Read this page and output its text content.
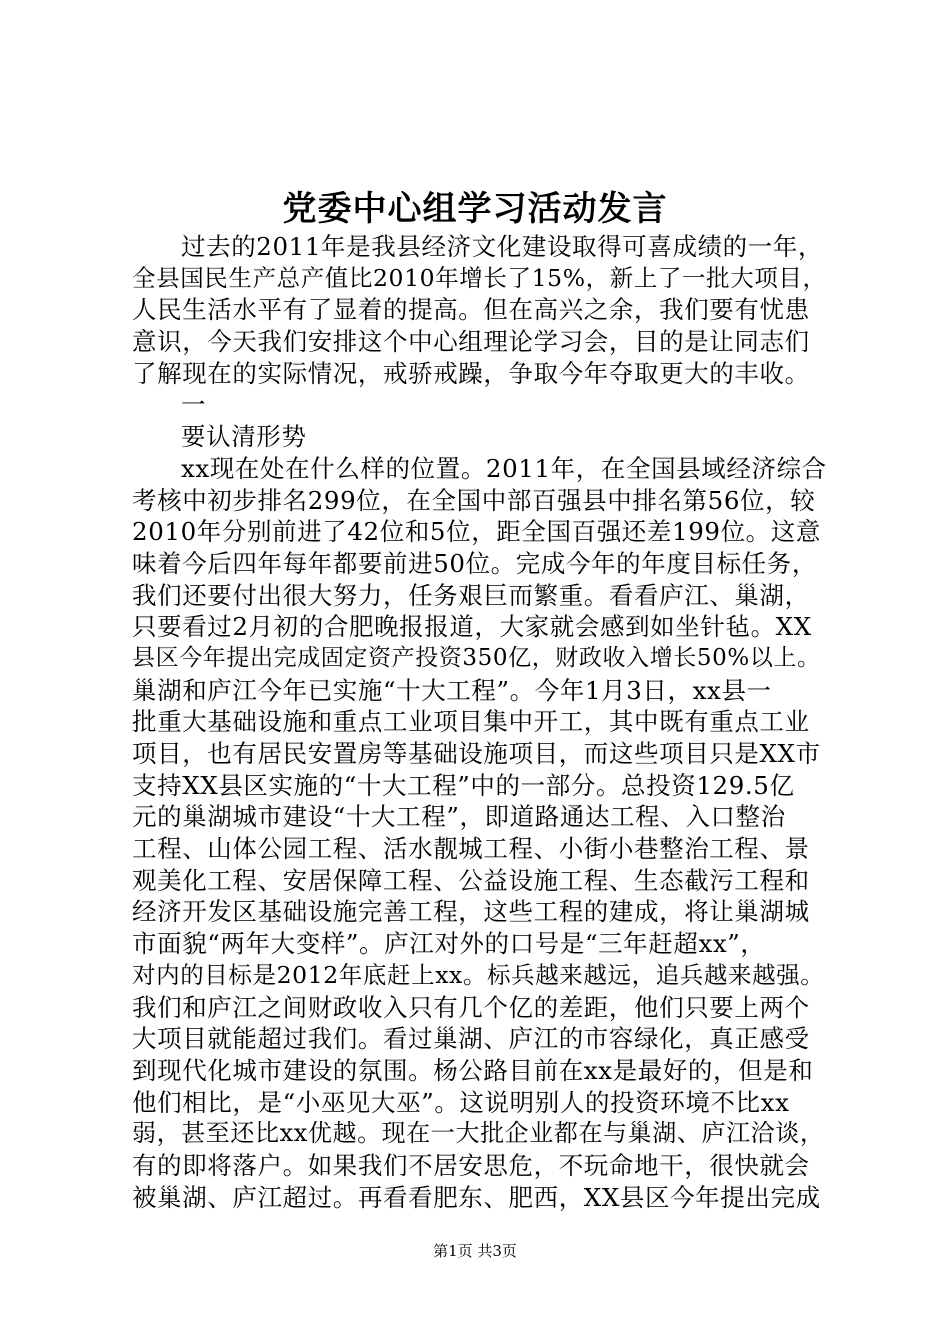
党委中心组学习活动发言
过去的2011年是我县经济文化建设取得可喜成绩的一年，
全县国民生产总产值比2010年增长了15%，新上了一批大项目，
人民生活水平有了显着的提高。但在高兴之余，我们要有忧患
意识，今天我们安排这个中心组理论学习会，目的是让同志们
了解现在的实际情况，戒骄戒躁，争取今年夺取更大的丰收。
一
要认清形势
xx现在处在什么样的位置。2011年，在全国县域经济综合
考核中初步排名299位，在全国中部百强县中排名第56位，较
2010年分别前进了42位和5位，距全国百强还差199位。这意
味着今后四年每年都要前进50位。完成今年的年度目标任务，
我们还要付出很大努力，任务艰巨而繁重。看看庐江、巢湖，
只要看过2月初的合肥晚报报道，大家就会感到如坐针毡。XX
县区今年提出完成固定资产投资350亿，财政收入增长50%以上。
巢湖和庐江今年已实施“十大工程”。今年1月3日，xx县一
批重大基础设施和重点工业项目集中开工，其中既有重点工业
项目，也有居民安置房等基础设施项目，而这些项目只是XX市
支持XX县区实施的“十大工程”中的一部分。总投资129.5亿
元的巢湖城市建设“十大工程”，即道路通达工程、入口整治
工程、山体公园工程、活水靓城工程、小街小巷整治工程、景
观美化工程、安居保障工程、公益设施工程、生态截污工程和
经济开发区基础设施完善工程，这些工程的建成，将让巢湖城
市面貌“两年大变样”。庐江对外的口号是“三年赶超xx”，
对内的目标是2012年底赶上xx。标兵越来越远，追兵越来越强。
我们和庐江之间财政收入只有几个亿的差距，他们只要上两个
大项目就能超过我们。看过巢湖、庐江的市容绿化，真正感受
到现代化城市建设的氛围。杨公路目前在xx是最好的，但是和
他们相比，是“小巫见大巫”。这说明别人的投资环境不比xx
弱，甚至还比xx优越。现在一大批企业都在与巢湖、庐江洽谈，
有的即将落户。如果我们不居安思危，不玩命地干，很快就会
被巢湖、庐江超过。再看看肥东、肥西，XX县区今年提出完成
第1页 共3页
